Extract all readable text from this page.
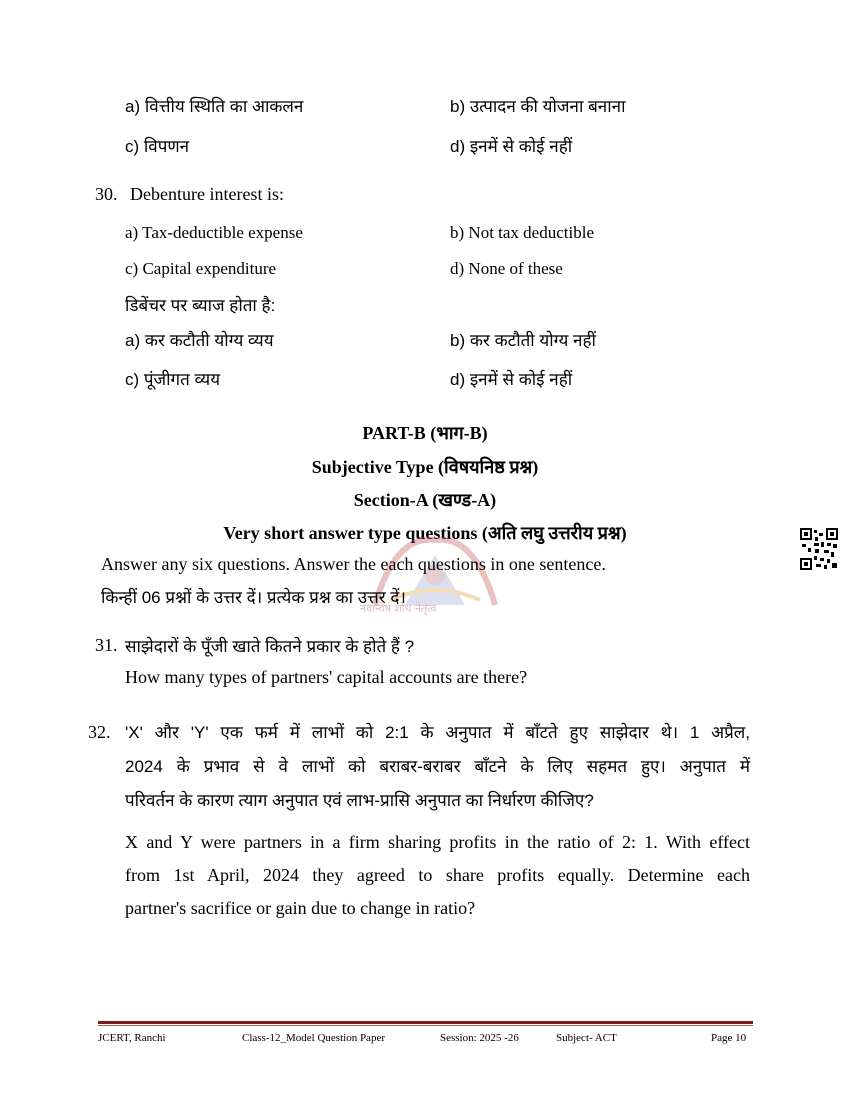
a) वित्तीय स्थिति का आकलन	b) उत्पादन की योजना बनाना
c) विपणन	d) इनमें से कोई नहीं
30. Debenture interest is:
a) Tax-deductible expense	b) Not tax deductible
c) Capital expenditure	d) None of these
डिबेंचर पर ब्याज होता है:
a) कर कटौती योग्य व्यय	b) कर कटौती योग्य नहीं
c) पूंजीगत व्यय	d) इनमें से कोई नहीं
PART-B (भाग-B)
Subjective Type (विषयनिष्ठ प्रश्न)
Section-A (खण्ड-A)
Very short answer type questions (अति लघु उत्तरीय प्रश्न)
नवान्वेष शोध नेतृत्व
Answer any six questions. Answer the each questions in one sentence.
किन्हीं 06 प्रश्नों के उत्तर दें। प्रत्येक प्रश्न का उत्तर दें।
31. साझेदारों के पूँजी खाते कितने प्रकार के होते हैं ?
How many types of partners' capital accounts are there?
32. 'X' और 'Y' एक फर्म में लाभों को 2:1 के अनुपात में बाँटते हुए साझेदार थे। 1 अप्रैल,
2024 के प्रभाव से वे लाभों को बराबर-बराबर बाँटने के लिए सहमत हुए। अनुपात में
परिवर्तन के कारण त्याग अनुपात एवं लाभ-प्रासि अनुपात का निर्धारण कीजिए?
X and Y were partners in a firm sharing profits in the ratio of 2: 1. With effect
from 1st April, 2024 they agreed to share profits equally. Determine each
partner's sacrifice or gain due to change in ratio?
JCERT, Ranchi	Class-12_Model Question Paper	Session: 2025 -26	Subject- ACT	Page 10
